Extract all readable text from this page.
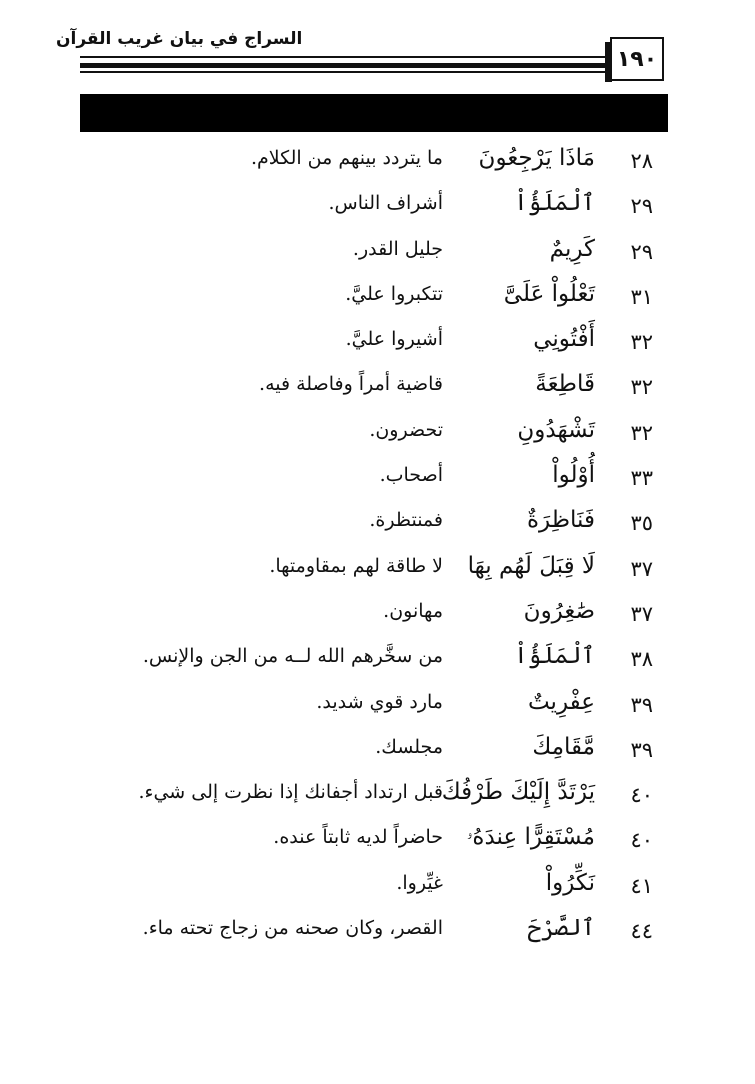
السراج في بيان غريب القرآن
١٩٠
٢٨
مَاذَا يَرْجِعُونَ
ما يتردد بينهم من الكلام.
٢٩
ٱلْمَلَؤُاْ
أشراف الناس.
٢٩
كَرِيمٌ
جليل القدر.
٣١
تَعْلُواْ عَلَىَّ
تتكبروا عليَّ.
٣٢
أَفْتُونِي
أشيروا عليَّ.
٣٢
قَاطِعَةً
قاضية أمراً وفاصلة فيه.
٣٢
تَشْهَدُونِ
تحضرون.
٣٣
أُوْلُواْ
أصحاب.
٣٥
فَنَاظِرَةٌ
فمنتظرة.
٣٧
لَا قِبَلَ لَهُم بِهَا
لا طاقة لهم بمقاومتها.
٣٧
صَٰغِرُونَ
مهانون.
٣٨
ٱلْمَلَؤُاْ
من سخَّرهم الله لــه من الجن والإنس.
٣٩
عِفْرِيتٌ
مارد قوي شديد.
٣٩
مَّقَامِكَ
مجلسك.
٤٠
يَرْتَدَّ إِلَيْكَ طَرْفُكَ
قبل ارتداد أجفانك إذا نظرت إلى شيء.
٤٠
مُسْتَقِرًّا عِندَهُۥ
حاضراً لديه ثابتاً عنده.
٤١
نَكِّرُواْ
غيِّروا.
٤٤
ٱلصَّرْحَ
القصر، وكان صحنه من زجاج تحته ماء.
